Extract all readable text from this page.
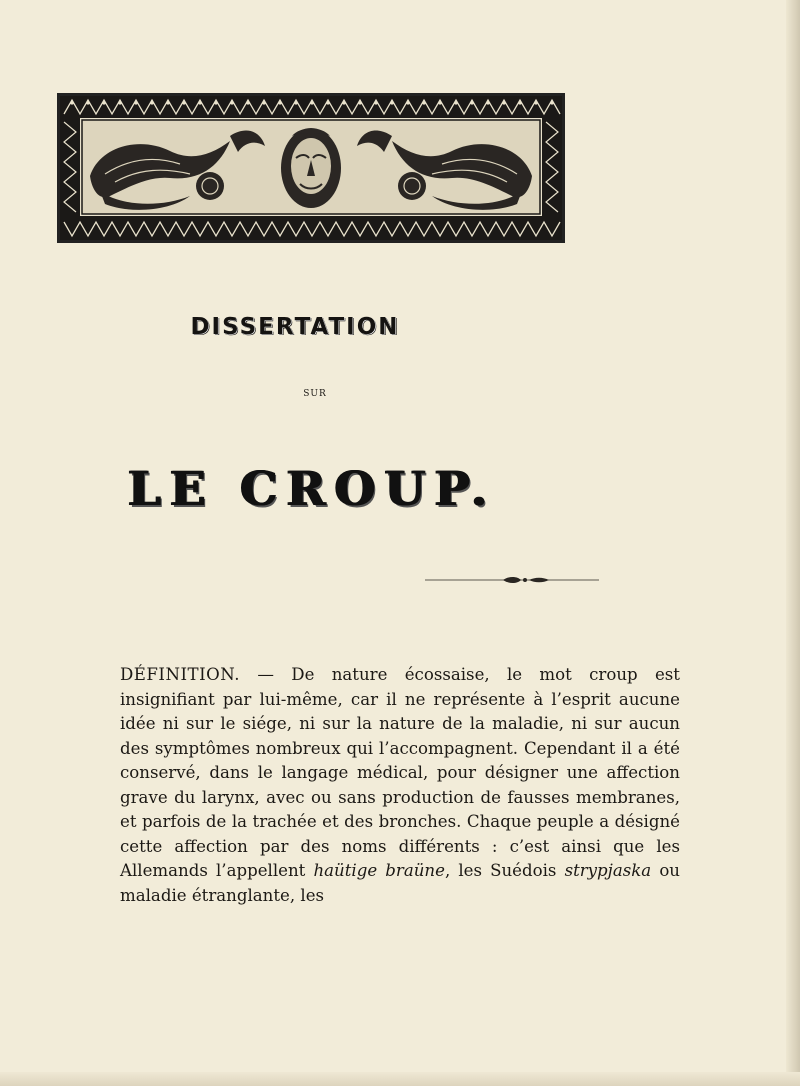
DISSERTATION
SUR
LE CROUP.
DÉFINITION. — De nature écossaise, le mot croup est insignifiant par lui-même, car il ne représente à l’esprit aucune idée ni sur le siége, ni sur la nature de la maladie, ni sur aucun des symptômes nombreux qui l’accompagnent. Cependant il a été conservé, dans le langage médical, pour désigner une affection grave du larynx, avec ou sans production de fausses membranes, et parfois de la trachée et des bronches. Chaque peuple a désigné cette affection par des noms différents : c’est ainsi que les Allemands l’appellent haütige braüne, les Suédois strypjaska ou maladie étranglante, les
